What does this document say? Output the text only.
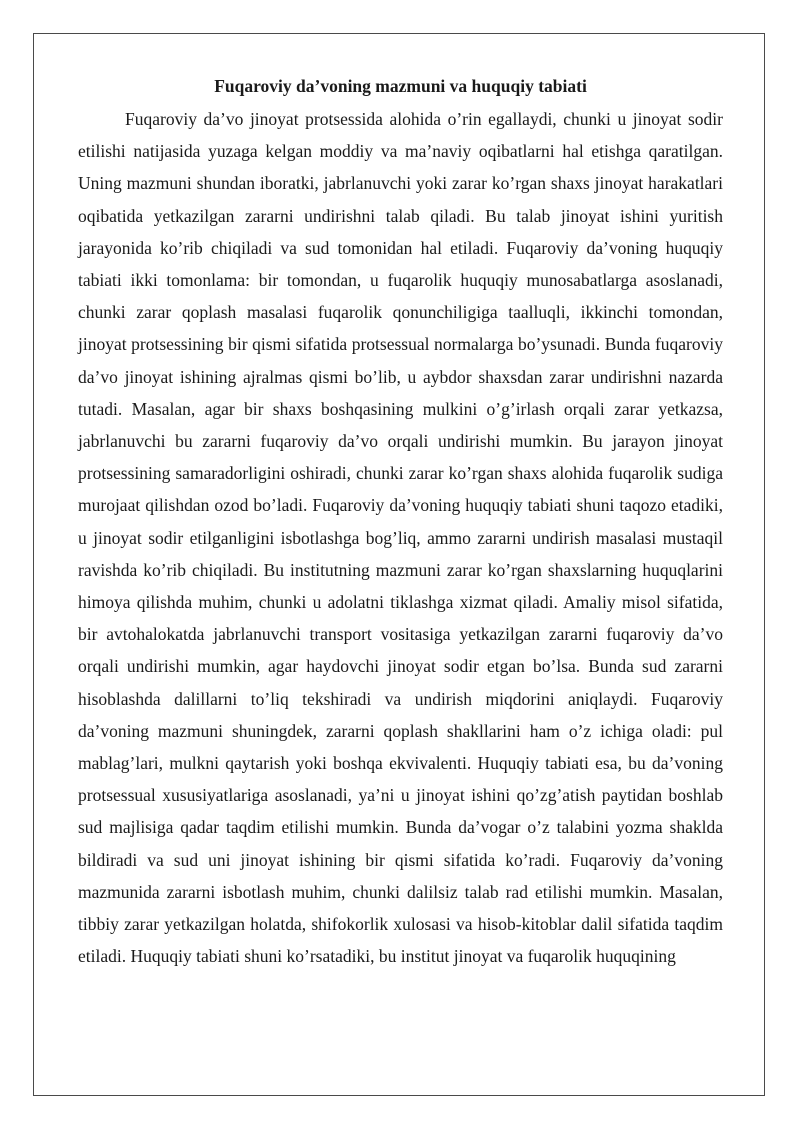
Fuqaroviy da’voning mazmuni va huquqiy tabiati

Fuqaroviy da’vo jinoyat protsessida alohida o’rin egallaydi, chunki u jinoyat sodir etilishi natijasida yuzaga kelgan moddiy va ma’naviy oqibatlarni hal etishga qaratilgan. Uning mazmuni shundan iboratki, jabrlanuvchi yoki zarar ko’rgan shaxs jinoyat harakatlari oqibatida yetkazilgan zararni undirishni talab qiladi. Bu talab jinoyat ishini yuritish jarayonida ko’rib chiqiladi va sud tomonidan hal etiladi. Fuqaroviy da’voning huquqiy tabiati ikki tomonlama: bir tomondan, u fuqarolik huquqiy munosabatlarga asoslanadi, chunki zarar qoplash masalasi fuqarolik qonunchiligiga taalluqli, ikkinchi tomondan, jinoyat protsessining bir qismi sifatida protsessual normalarga bo’ysunadi. Bunda fuqaroviy da’vo jinoyat ishining ajralmas qismi bo’lib, u aybdor shaxsdan zarar undirishni nazarda tutadi. Masalan, agar bir shaxs boshqasining mulkini o’g’irlash orqali zarar yetkazsa, jabrlanuvchi bu zararni fuqaroviy da’vo orqali undirishi mumkin. Bu jarayon jinoyat protsessining samaradorligini oshiradi, chunki zarar ko’rgan shaxs alohida fuqarolik sudiga murojaat qilishdan ozod bo’ladi. Fuqaroviy da’voning huquqiy tabiati shuni taqozo etadiki, u jinoyat sodir etilganligini isbotlashga bog’liq, ammo zararni undirish masalasi mustaqil ravishda ko’rib chiqiladi. Bu institutning mazmuni zarar ko’rgan shaxslarning huquqlarini himoya qilishda muhim, chunki u adolatni tiklashga xizmat qiladi. Amaliy misol sifatida, bir avtohalokatda jabrlanuvchi transport vositasiga yetkazilgan zararni fuqaroviy da’vo orqali undirishi mumkin, agar haydovchi jinoyat sodir etgan bo’lsa. Bunda sud zararni hisoblashda dalillarni to’liq tekshiradi va undirish miqdorini aniqlaydi. Fuqaroviy da’voning mazmuni shuningdek, zararni qoplash shakllarini ham o’z ichiga oladi: pul mablag’lari, mulkni qaytarish yoki boshqa ekvivalenti. Huquqiy tabiati esa, bu da’voning protsessual xususiyatlariga asoslanadi, ya’ni u jinoyat ishini qo’zg’atish paytidan boshlab sud majlisiga qadar taqdim etilishi mumkin. Bunda da’vogar o’z talabini yozma shaklda bildiradi va sud uni jinoyat ishining bir qismi sifatida ko’radi. Fuqaroviy da’voning mazmunida zararni isbotlash muhim, chunki dalilsiz talab rad etilishi mumkin. Masalan, tibbiy zarar yetkazilgan holatda, shifokorlik xulosasi va hisob-kitoblar dalil sifatida taqdim etiladi. Huquqiy tabiati shuni ko’rsatadiki, bu institut jinoyat va fuqarolik huquqining
